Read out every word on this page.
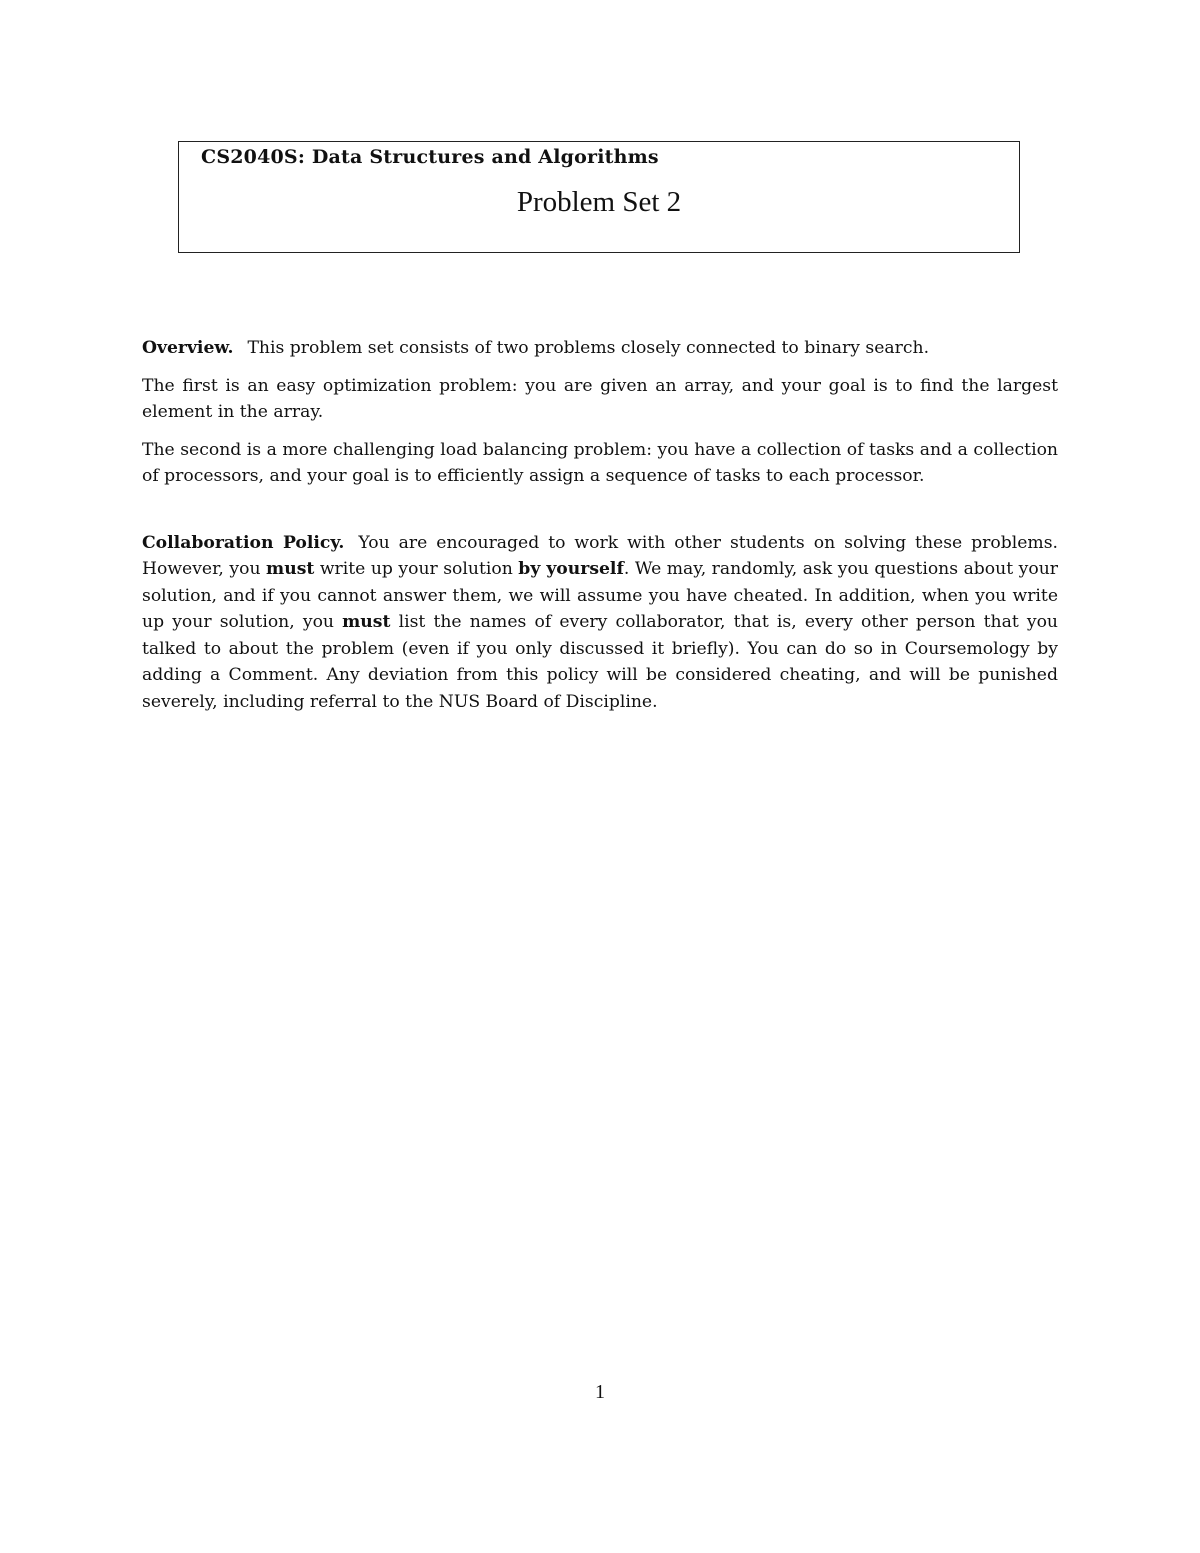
CS2040S: Data Structures and Algorithms
Problem Set 2

Overview. This problem set consists of two problems closely connected to binary search.

The first is an easy optimization problem: you are given an array, and your goal is to find the largest element in the array.

The second is a more challenging load balancing problem: you have a collection of tasks and a collection of processors, and your goal is to efficiently assign a sequence of tasks to each processor.

Collaboration Policy. You are encouraged to work with other students on solving these problems. However, you must write up your solution by yourself. We may, randomly, ask you questions about your solution, and if you cannot answer them, we will assume you have cheated. In addition, when you write up your solution, you must list the names of every collaborator, that is, every other person that you talked to about the problem (even if you only discussed it briefly). You can do so in Coursemology by adding a Comment. Any deviation from this policy will be considered cheating, and will be punished severely, including referral to the NUS Board of Discipline.

1
